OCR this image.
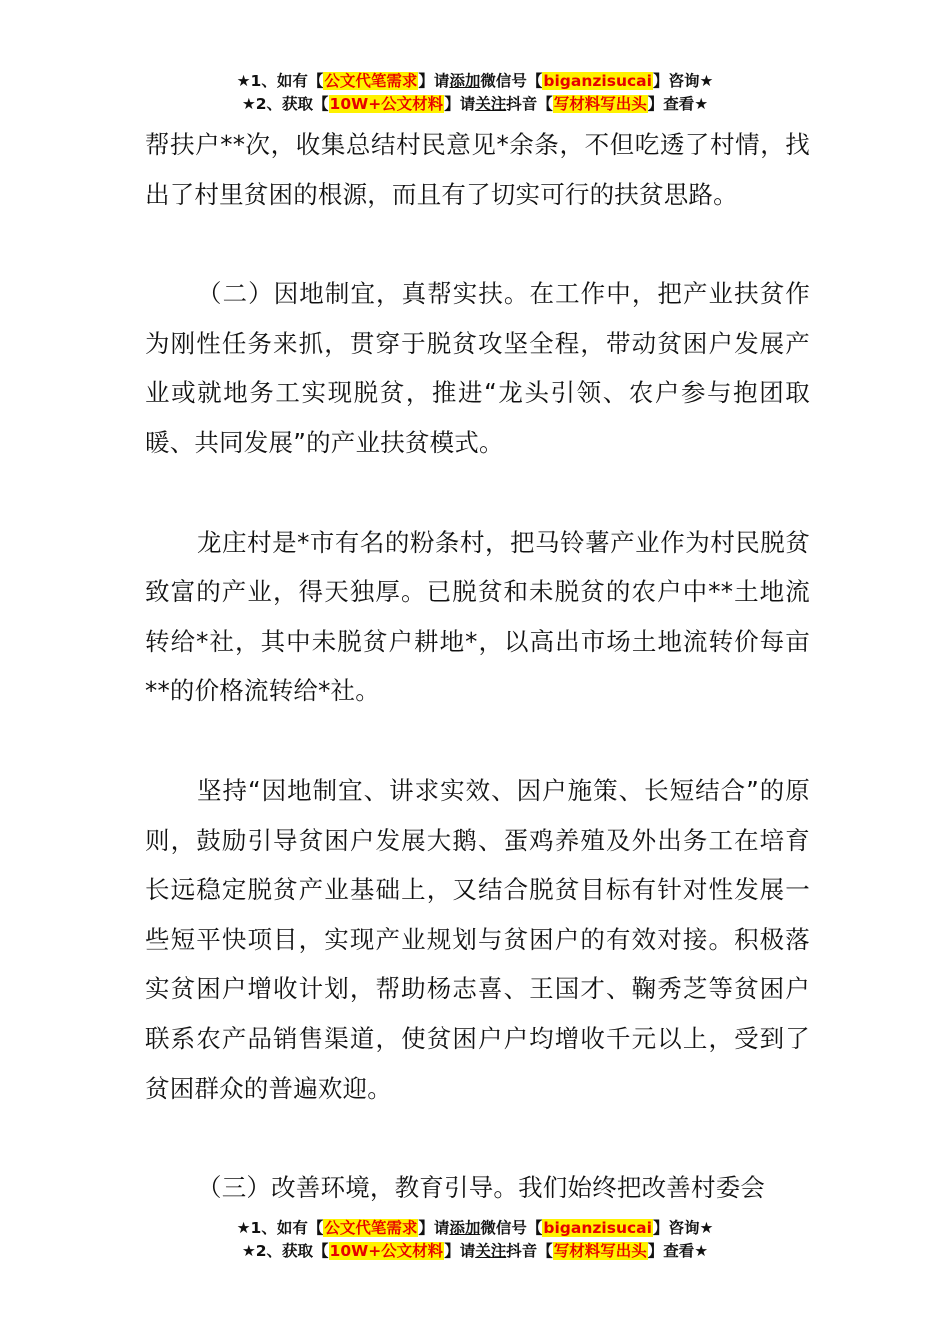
★1、如有【公文代笔需求】请添加微信号【biganzisucai】咨询★
★2、获取【10W+公文材料】请关注抖音【写材料写出头】查看★

帮扶户**次，收集总结村民意见*余条，不但吃透了村情，找出了村里贫困的根源，而且有了切实可行的扶贫思路。

（二）因地制宜，真帮实扶。在工作中，把产业扶贫作为刚性任务来抓，贯穿于脱贫攻坚全程，带动贫困户发展产业或就地务工实现脱贫，推进“龙头引领、农户参与抱团取暖、共同发展”的产业扶贫模式。

龙庄村是*市有名的粉条村，把马铃薯产业作为村民脱贫致富的产业，得天独厚。已脱贫和未脱贫的农户中**土地流转给*社，其中未脱贫户耕地*，以高出市场土地流转价每亩**的价格流转给*社。

坚持“因地制宜、讲求实效、因户施策、长短结合”的原则，鼓励引导贫困户发展大鹅、蛋鸡养殖及外出务工在培育长远稳定脱贫产业基础上，又结合脱贫目标有针对性发展一些短平快项目，实现产业规划与贫困户的有效对接。积极落实贫困户增收计划，帮助杨志喜、王国才、鞠秀芝等贫困户联系农产品销售渠道，使贫困户户均增收千元以上，受到了贫困群众的普遍欢迎。

（三）改善环境，教育引导。我们始终把改善村委会

★1、如有【公文代笔需求】请添加微信号【biganzisucai】咨询★
★2、获取【10W+公文材料】请关注抖音【写材料写出头】查看★
